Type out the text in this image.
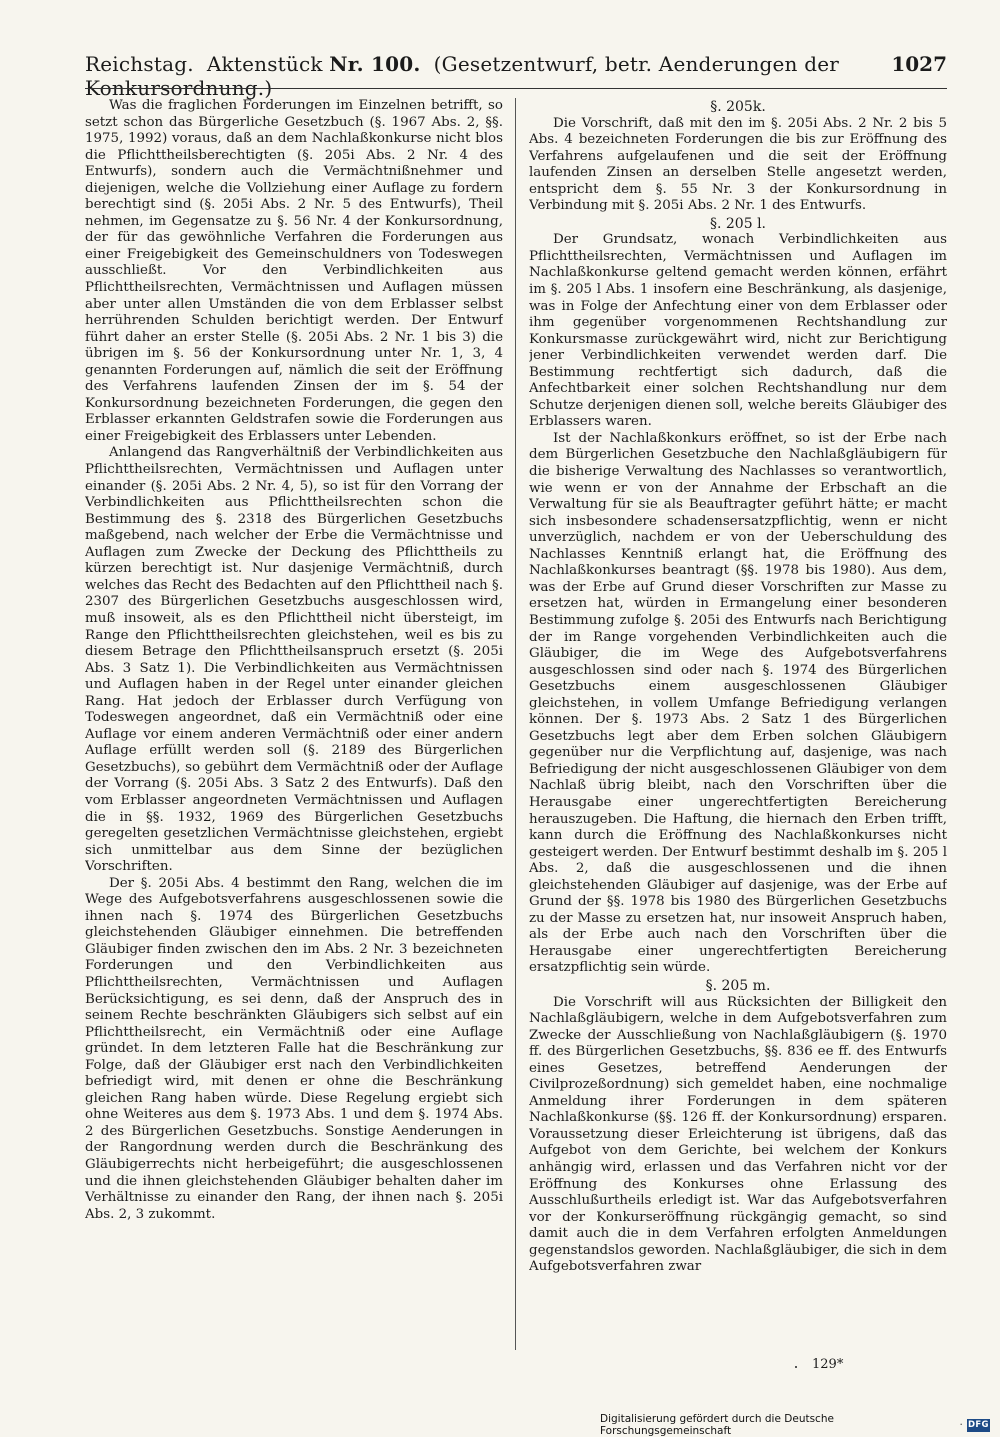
Reichstag. Aktenstück Nr. 100. (Gesetzentwurf, betr. Aenderungen der Konkursordnung.)
1027

Was die fraglichen Forderungen im Einzelnen betrifft, so setzt schon das Bürgerliche Gesetzbuch (§. 1967 Abs. 2, §§. 1975, 1992) voraus, daß an dem Nachlaßkonkurse nicht blos die Pflichttheilsberechtigten (§. 205i Abs. 2 Nr. 4 des Entwurfs), sondern auch die Vermächtnißnehmer und diejenigen, welche die Vollziehung einer Auflage zu fordern berechtigt sind (§. 205i Abs. 2 Nr. 5 des Entwurfs), Theil nehmen, im Gegensatze zu §. 56 Nr. 4 der Konkursordnung, der für das gewöhnliche Verfahren die Forderungen aus einer Freigebigkeit des Gemeinschuldners von Todeswegen ausschließt. Vor den Verbindlichkeiten aus Pflichttheilsrechten, Vermächtnissen und Auflagen müssen aber unter allen Umständen die von dem Erblasser selbst herrührenden Schulden berichtigt werden. Der Entwurf führt daher an erster Stelle (§. 205i Abs. 2 Nr. 1 bis 3) die übrigen im §. 56 der Konkursordnung unter Nr. 1, 3, 4 genannten Forderungen auf, nämlich die seit der Eröffnung des Verfahrens laufenden Zinsen der im §. 54 der Konkursordnung bezeichneten Forderungen, die gegen den Erblasser erkannten Geldstrafen sowie die Forderungen aus einer Freigebigkeit des Erblassers unter Lebenden.

Anlangend das Rangverhältniß der Verbindlichkeiten aus Pflichttheilsrechten, Vermächtnissen und Auflagen unter einander (§. 205i Abs. 2 Nr. 4, 5), so ist für den Vorrang der Verbindlichkeiten aus Pflichttheilsrechten schon die Bestimmung des §. 2318 des Bürgerlichen Gesetzbuchs maßgebend, nach welcher der Erbe die Vermächtnisse und Auflagen zum Zwecke der Deckung des Pflichttheils zu kürzen berechtigt ist. Nur dasjenige Vermächtniß, durch welches das Recht des Bedachten auf den Pflichttheil nach §. 2307 des Bürgerlichen Gesetzbuchs ausgeschlossen wird, muß insoweit, als es den Pflichttheil nicht übersteigt, im Range den Pflichttheilsrechten gleichstehen, weil es bis zu diesem Betrage den Pflichttheilsanspruch ersetzt (§. 205i Abs. 3 Satz 1). Die Verbindlichkeiten aus Vermächtnissen und Auflagen haben in der Regel unter einander gleichen Rang. Hat jedoch der Erblasser durch Verfügung von Todeswegen angeordnet, daß ein Vermächtniß oder eine Auflage vor einem anderen Vermächtniß oder einer andern Auflage erfüllt werden soll (§. 2189 des Bürgerlichen Gesetzbuchs), so gebührt dem Vermächtniß oder der Auflage der Vorrang (§. 205i Abs. 3 Satz 2 des Entwurfs). Daß den vom Erblasser angeordneten Vermächtnissen und Auflagen die in §§. 1932, 1969 des Bürgerlichen Gesetzbuchs geregelten gesetzlichen Vermächtnisse gleichstehen, ergiebt sich unmittelbar aus dem Sinne der bezüglichen Vorschriften.

Der §. 205i Abs. 4 bestimmt den Rang, welchen die im Wege des Aufgebotsverfahrens ausgeschlossenen sowie die ihnen nach §. 1974 des Bürgerlichen Gesetzbuchs gleichstehenden Gläubiger einnehmen. Die betreffenden Gläubiger finden zwischen den im Abs. 2 Nr. 3 bezeichneten Forderungen und den Verbindlichkeiten aus Pflichttheilsrechten, Vermächtnissen und Auflagen Berücksichtigung, es sei denn, daß der Anspruch des in seinem Rechte beschränkten Gläubigers sich selbst auf ein Pflichttheilsrecht, ein Vermächtniß oder eine Auflage gründet. In dem letzteren Falle hat die Beschränkung zur Folge, daß der Gläubiger erst nach den Verbindlichkeiten befriedigt wird, mit denen er ohne die Beschränkung gleichen Rang haben würde. Diese Regelung ergiebt sich ohne Weiteres aus dem §. 1973 Abs. 1 und dem §. 1974 Abs. 2 des Bürgerlichen Gesetzbuchs. Sonstige Aenderungen in der Rangordnung werden durch die Beschränkung des Gläubigerrechts nicht herbeigeführt; die ausgeschlossenen und die ihnen gleichstehenden Gläubiger behalten daher im Verhältnisse zu einander den Rang, der ihnen nach §. 205i Abs. 2, 3 zukommt.

§. 205k.

Die Vorschrift, daß mit den im §. 205i Abs. 2 Nr. 2 bis 5 Abs. 4 bezeichneten Forderungen die bis zur Eröffnung des Verfahrens aufgelaufenen und die seit der Eröffnung laufenden Zinsen an derselben Stelle angesetzt werden, entspricht dem §. 55 Nr. 3 der Konkursordnung in Verbindung mit §. 205i Abs. 2 Nr. 1 des Entwurfs.

§. 205 l.

Der Grundsatz, wonach Verbindlichkeiten aus Pflichttheilsrechten, Vermächtnissen und Auflagen im Nachlaßkonkurse geltend gemacht werden können, erfährt im §. 205 l Abs. 1 insofern eine Beschränkung, als dasjenige, was in Folge der Anfechtung einer von dem Erblasser oder ihm gegenüber vorgenommenen Rechtshandlung zur Konkursmasse zurückgewährt wird, nicht zur Berichtigung jener Verbindlichkeiten verwendet werden darf. Die Bestimmung rechtfertigt sich dadurch, daß die Anfechtbarkeit einer solchen Rechtshandlung nur dem Schutze derjenigen dienen soll, welche bereits Gläubiger des Erblassers waren.

Ist der Nachlaßkonkurs eröffnet, so ist der Erbe nach dem Bürgerlichen Gesetzbuche den Nachlaßgläubigern für die bisherige Verwaltung des Nachlasses so verantwortlich, wie wenn er von der Annahme der Erbschaft an die Verwaltung für sie als Beauftragter geführt hätte; er macht sich insbesondere schadensersatzpflichtig, wenn er nicht unverzüglich, nachdem er von der Ueberschuldung des Nachlasses Kenntniß erlangt hat, die Eröffnung des Nachlaßkonkurses beantragt (§§. 1978 bis 1980). Aus dem, was der Erbe auf Grund dieser Vorschriften zur Masse zu ersetzen hat, würden in Ermangelung einer besonderen Bestimmung zufolge §. 205i des Entwurfs nach Berichtigung der im Range vorgehenden Verbindlichkeiten auch die Gläubiger, die im Wege des Aufgebotsverfahrens ausgeschlossen sind oder nach §. 1974 des Bürgerlichen Gesetzbuchs einem ausgeschlossenen Gläubiger gleichstehen, in vollem Umfange Befriedigung verlangen können. Der §. 1973 Abs. 2 Satz 1 des Bürgerlichen Gesetzbuchs legt aber dem Erben solchen Gläubigern gegenüber nur die Verpflichtung auf, dasjenige, was nach Befriedigung der nicht ausgeschlossenen Gläubiger von dem Nachlaß übrig bleibt, nach den Vorschriften über die Herausgabe einer ungerechtfertigten Bereicherung herauszugeben. Die Haftung, die hiernach den Erben trifft, kann durch die Eröffnung des Nachlaßkonkurses nicht gesteigert werden. Der Entwurf bestimmt deshalb im §. 205 l Abs. 2, daß die ausgeschlossenen und die ihnen gleichstehenden Gläubiger auf dasjenige, was der Erbe auf Grund der §§. 1978 bis 1980 des Bürgerlichen Gesetzbuchs zu der Masse zu ersetzen hat, nur insoweit Anspruch haben, als der Erbe auch nach den Vorschriften über die Herausgabe einer ungerechtfertigten Bereicherung ersatzpflichtig sein würde.

§. 205 m.

Die Vorschrift will aus Rücksichten der Billigkeit den Nachlaßgläubigern, welche in dem Aufgebotsverfahren zum Zwecke der Ausschließung von Nachlaßgläubigern (§. 1970 ff. des Bürgerlichen Gesetzbuchs, §§. 836 ee ff. des Entwurfs eines Gesetzes, betreffend Aenderungen der Civilprozeßordnung) sich gemeldet haben, eine nochmalige Anmeldung ihrer Forderungen in dem späteren Nachlaßkonkurse (§§. 126 ff. der Konkursordnung) ersparen. Voraussetzung dieser Erleichterung ist übrigens, daß das Aufgebot von dem Gerichte, bei welchem der Konkurs anhängig wird, erlassen und das Verfahren nicht vor der Eröffnung des Konkurses ohne Erlassung des Ausschlußurtheils erledigt ist. War das Aufgebotsverfahren vor der Konkurseröffnung rückgängig gemacht, so sind damit auch die in dem Verfahren erfolgten Anmeldungen gegenstandslos geworden. Nachlaßgläubiger, die sich in dem Aufgebotsverfahren zwar

129*
Digitalisierung gefördert durch die Deutsche Forschungsgemeinschaft	· DFG
